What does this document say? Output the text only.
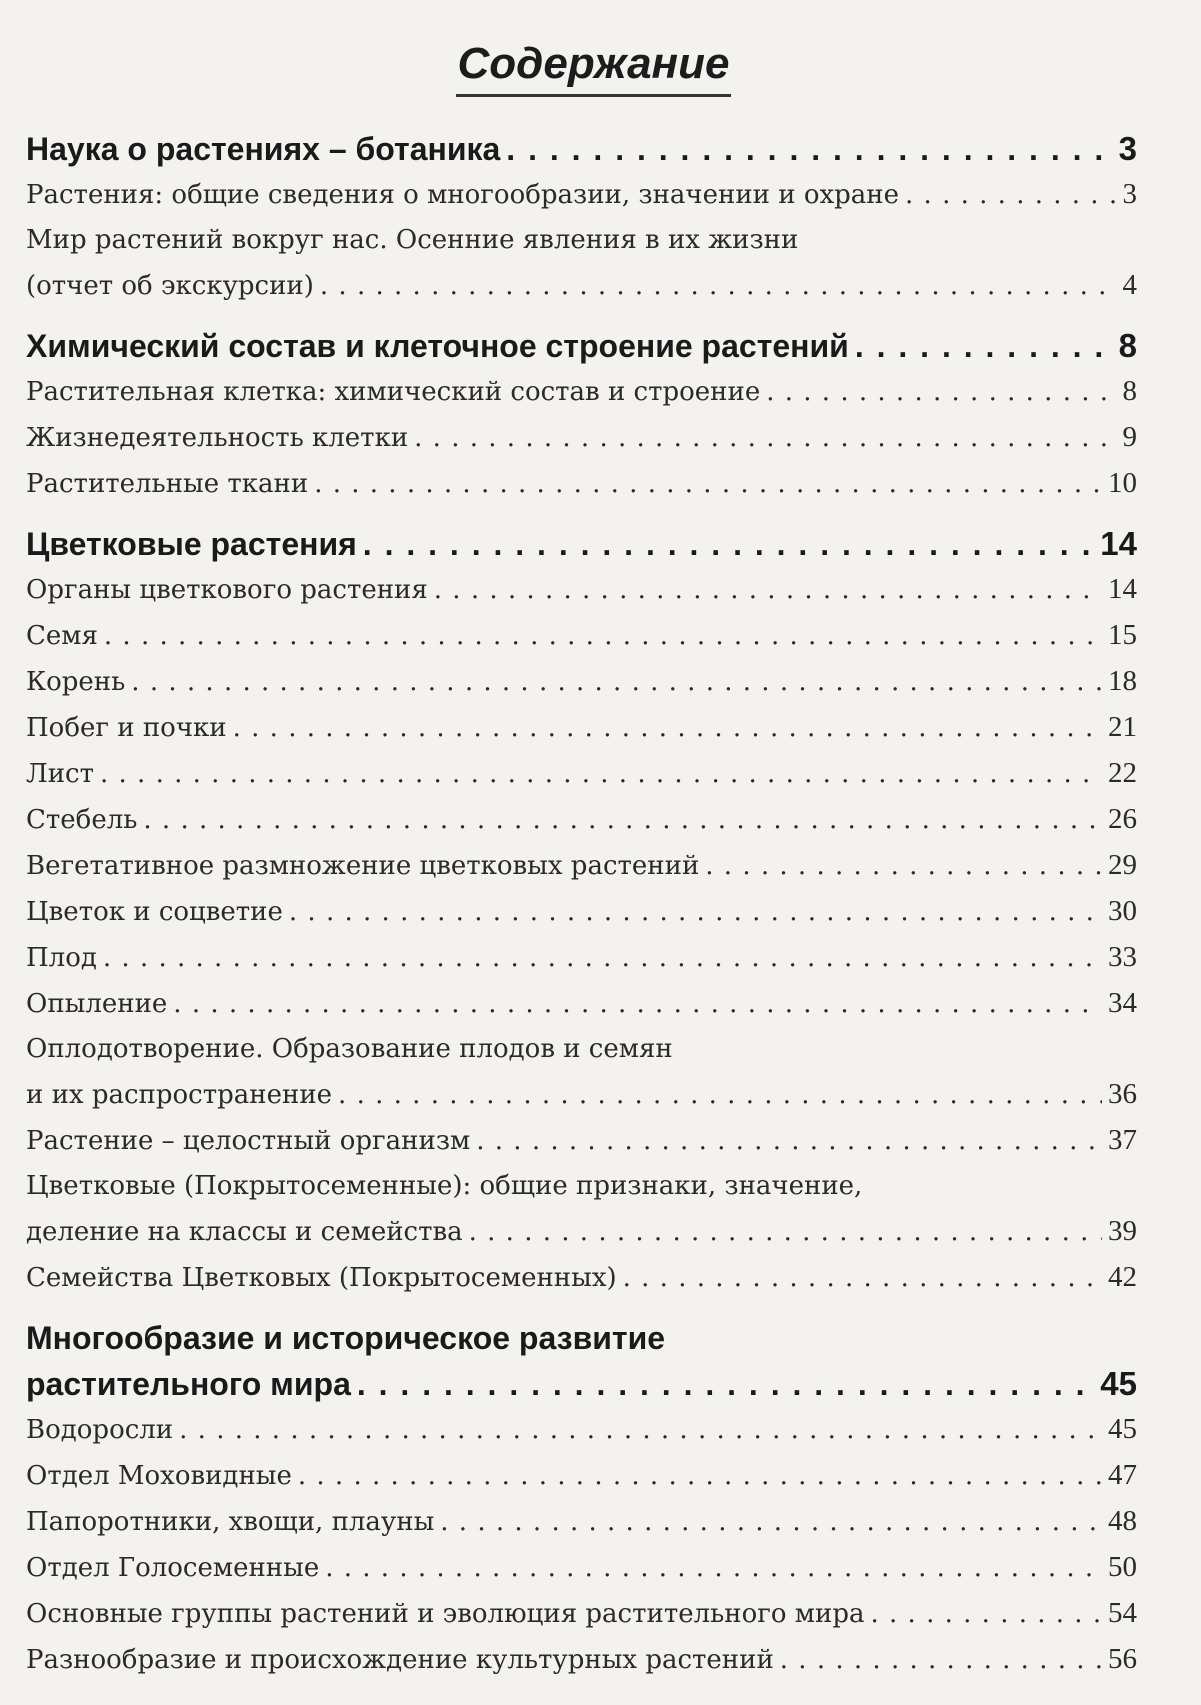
Содержание
Наука о растениях – ботаника . . .	3
Растения: общие сведения о многообразии, значении и охране . . .	3
Мир растений вокруг нас. Осенние явления в их жизни
(отчет об экскурсии) . . .	4
Химический состав и клеточное строение растений . . .	8
Растительная клетка: химический состав и строение . . .	8
Жизнедеятельность клетки . . .	9
Растительные ткани . . .	10
Цветковые растения . . .	14
Органы цветкового растения . . .	14
Семя . . .	15
Корень . . .	18
Побег и почки . . .	21
Лист . . .	22
Стебель . . .	26
Вегетативное размножение цветковых растений . . .	29
Цветок и соцветие . . .	30
Плод . . .	33
Опыление . . .	34
Оплодотворение. Образование плодов и семян
и их распространение . . .	36
Растение – целостный организм . . .	37
Цветковые (Покрытосеменные): общие признаки, значение,
деление на классы и семейства . . .	39
Семейства Цветковых (Покрытосеменных) . . .	42
Многообразие и историческое развитие
растительного мира . . .	45
Водоросли . . .	45
Отдел Моховидные . . .	47
Папоротники, хвощи, плауны . . .	48
Отдел Голосеменные . . .	50
Основные группы растений и эволюция растительного мира . . .	54
Разнообразие и происхождение культурных растений . . .	56
